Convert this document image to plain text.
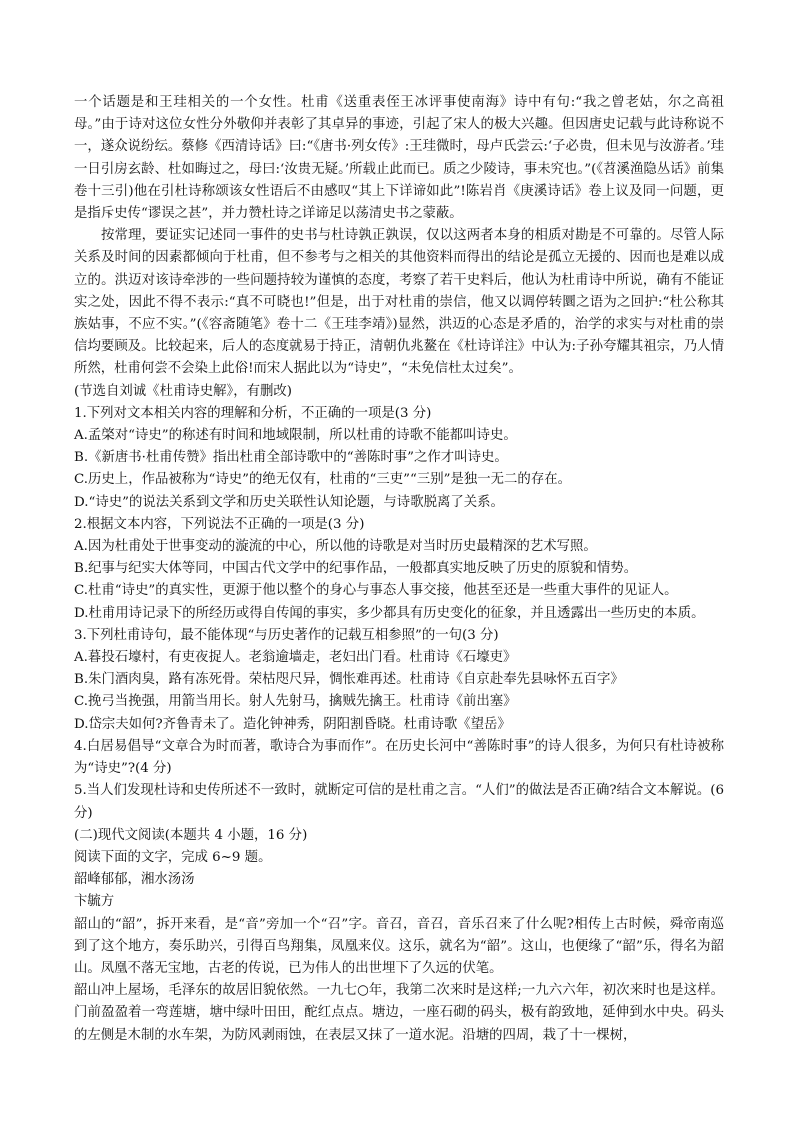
一个话题是和王珪相关的一个女性。杜甫《送重表侄王冰评事使南海》诗中有句:“我之曾老姑，尔之高祖母。”由于诗对这位女性分外敬仰并表彰了其卓异的事迹，引起了宋人的极大兴趣。但因唐史记载与此诗称说不一，遂众说纷纭。蔡修《西清诗话》曰:“《唐书·列女传》:王珪微时，母卢氏尝云:‘子必贵，但未见与汝游者。’珪一日引房玄龄、杜如晦过之，母曰:‘汝贵无疑。’所载止此而已。质之少陵诗，事未究也。”(《苕溪渔隐丛话》前集卷十三引)他在引杜诗称颂该女性语后不由感叹“其上下详谛如此”!陈岩肖《庚溪诗话》卷上议及同一问题，更是指斥史传“谬误之甚”，并力赞杜诗之详谛足以荡清史书之蒙蔽。

按常理，要证实记述同一事件的史书与杜诗孰正孰误，仅以这两者本身的相质对勘是不可靠的。尽管人际关系及时间的因素都倾向于杜甫，但不参考与之相关的其他资料而得出的结论是孤立无援的、因而也是难以成立的。洪迈对该诗牵涉的一些问题持较为谨慎的态度，考察了若干史料后，他认为杜甫诗中所说，确有不能证实之处，因此不得不表示:“真不可晓也!”但是，出于对杜甫的崇信，他又以调停转圜之语为之回护:“杜公称其族姑事，不应不实。”(《容斋随笔》卷十二《王珪李靖》)显然，洪迈的心态是矛盾的，治学的求实与对杜甫的崇信均要顾及。比较起来，后人的态度就易于持正，清朝仇兆鳌在《杜诗详注》中认为:子孙夸耀其祖宗，乃人情所然，杜甫何尝不会染上此俗!而宋人据此以为“诗史”，“未免信杜太过矣”。

(节选自刘诚《杜甫诗史解》，有删改)

1.下列对文本相关内容的理解和分析，不正确的一项是(3 分)

A.孟棨对“诗史”的称述有时间和地域限制，所以杜甫的诗歌不能都叫诗史。

B.《新唐书·杜甫传赞》指出杜甫全部诗歌中的“善陈时事”之作才叫诗史。

C.历史上，作品被称为“诗史”的绝无仅有，杜甫的“三吏”“三别”是独一无二的存在。

D.“诗史”的说法关系到文学和历史关联性认知论题，与诗歌脱离了关系。

2.根据文本内容，下列说法不正确的一项是(3 分)

A.因为杜甫处于世事变动的漩流的中心，所以他的诗歌是对当时历史最精深的艺术写照。

B.纪事与纪实大体等同，中国古代文学中的纪事作品，一般都真实地反映了历史的原貌和情势。

C.杜甫“诗史”的真实性，更源于他以整个的身心与事态人事交接，他甚至还是一些重大事件的见证人。

D.杜甫用诗记录下的所经历或得自传闻的事实，多少都具有历史变化的征象，并且透露出一些历史的本质。

3.下列杜甫诗句，最不能体现“与历史著作的记载互相参照”的一句(3 分)

A.暮投石壕村，有吏夜捉人。老翁逾墙走，老妇出门看。杜甫诗《石壕吏》

B.朱门酒肉臭，路有冻死骨。荣枯咫尺异，惆怅难再述。杜甫诗《自京赴奉先县咏怀五百字》

C.挽弓当挽强，用箭当用长。射人先射马，擒贼先擒王。杜甫诗《前出塞》

D.岱宗夫如何?齐鲁青未了。造化钟神秀，阴阳割昏晓。杜甫诗歌《望岳》

4.白居易倡导“文章合为时而著，歌诗合为事而作”。在历史长河中“善陈时事”的诗人很多，为何只有杜诗被称为“诗史”?(4 分)

5.当人们发现杜诗和史传所述不一致时，就断定可信的是杜甫之言。“人们”的做法是否正确?结合文本解说。(6 分)

(二)现代文阅读(本题共 4 小题，16 分)

阅读下面的文字，完成 6~9 题。

韶峰郁郁，湘水汤汤

卞毓方

韶山的“韶”，拆开来看，是“音”旁加一个“召”字。音召，音召，音乐召来了什么呢?相传上古时候，舜帝南巡到了这个地方，奏乐助兴，引得百鸟翔集，凤凰来仪。这乐，就名为“韶”。这山，也便缘了“韶”乐，得名为韶山。凤凰不落无宝地，古老的传说，已为伟人的出世埋下了久远的伏笔。

韶山冲上屋场，毛泽东的故居旧貌依然。一九七○年，我第二次来时是这样;一九六六年，初次来时也是这样。门前盈盈着一弯莲塘，塘中绿叶田田，酡红点点。塘边，一座石砌的码头，极有韵致地，延伸到水中央。码头的左侧是木制的水车架，为防风剥雨蚀，在表层又抹了一道水泥。沿塘的四周，栽了十一棵树，
